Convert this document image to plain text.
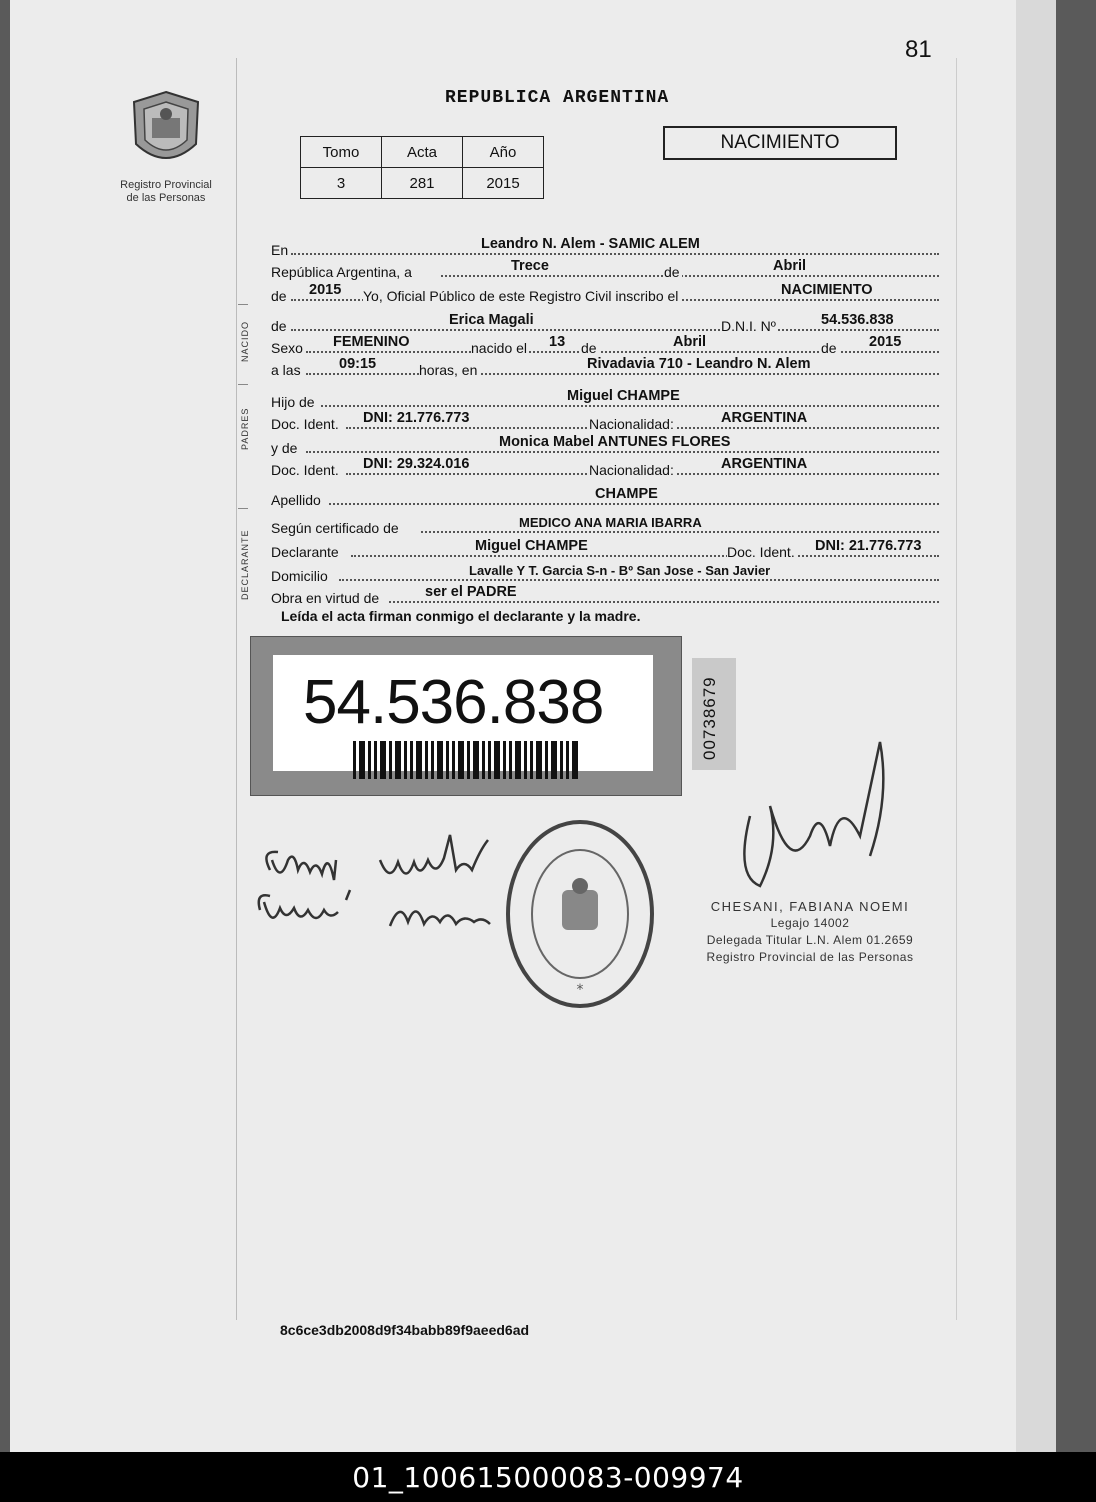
81
Registro Provincial de las Personas
REPUBLICA ARGENTINA
Tomo	Acta	Año
3	281	2015
NACIMIENTO
NACIDO
PADRES
DECLARANTE
En	Leandro N. Alem - SAMIC ALEM
República Argentina, a	Trece	de	Abril
de 2015 Yo, Oficial Público de este Registro Civil inscribo el	NACIMIENTO
de	Erica Magali	D.N.I. Nº	54.536.838
Sexo FEMENINO	nacido el 13 de	Abril	de 2015
a las	09:15	horas, en	Rivadavia 710 - Leandro N. Alem
Hijo de	Miguel CHAMPE
Doc. Ident. DNI: 21.776.773	Nacionalidad:	ARGENTINA
y de	Monica Mabel ANTUNES FLORES
Doc. Ident. DNI: 29.324.016	Nacionalidad:	ARGENTINA
Apellido	CHAMPE
Según certificado de	MEDICO ANA MARIA IBARRA
Declarante	Miguel CHAMPE	Doc. Ident. DNI: 21.776.773
Domicilio	Lavalle Y T. Garcia S-n - Bº San Jose - San Javier
Obra en virtud de	ser el PADRE
Leída el acta firman conmigo el declarante y la madre.
54.536.838	00738679
*
CHESANI, FABIANA NOEMI
Legajo 14002
Delegada Titular L.N. Alem 01.2659
Registro Provincial de las Personas
8c6ce3db2008d9f34babb89f9aeed6ad
01_100615000083-009974
